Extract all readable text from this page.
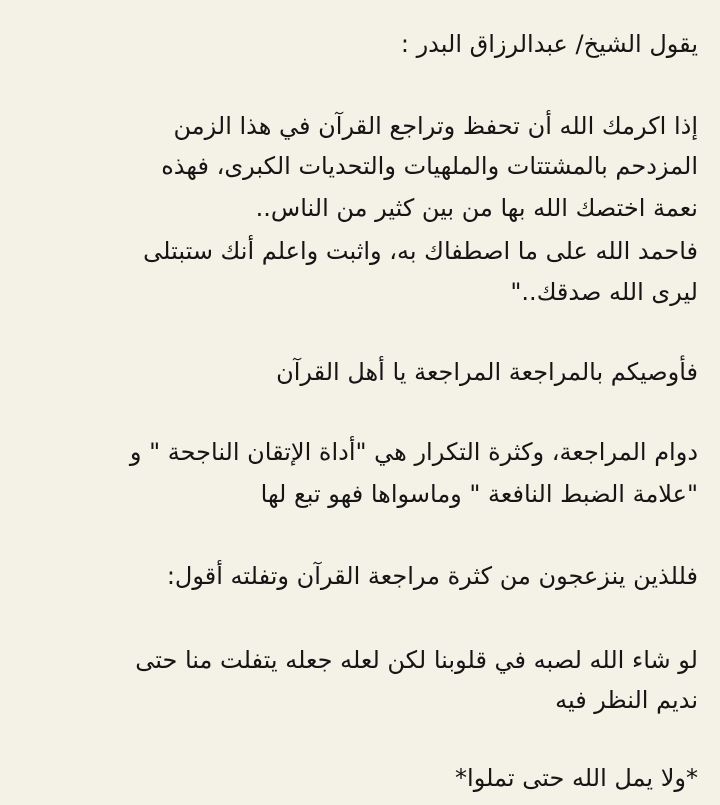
يقول الشيخ/ عبدالرزاق البدر :
إذا اكرمك الله أن تحفظ وتراجع القرآن في هذا الزمن
المزدحم بالمشتتات والملهيات والتحديات الكبرى، فهذه
نعمة اختصك الله بها من بين كثير من الناس..
فاحمد الله على ما اصطفاك به، واثبت واعلم أنك ستبتلى
ليرى الله صدقك.."
فأوصيكم بالمراجعة المراجعة يا أهل القرآن
دوام المراجعة، وكثرة التكرار هي "أداة الإتقان الناجحة " و
"علامة الضبط النافعة " وماسواها فهو تبع لها
فللذين ينزعجون من كثرة مراجعة القرآن وتفلته أقول:
لو شاء الله لصبه في قلوبنا لكن لعله جعله يتفلت منا حتى
نديم النظر فيه
*ولا يمل الله حتى تملوا*
